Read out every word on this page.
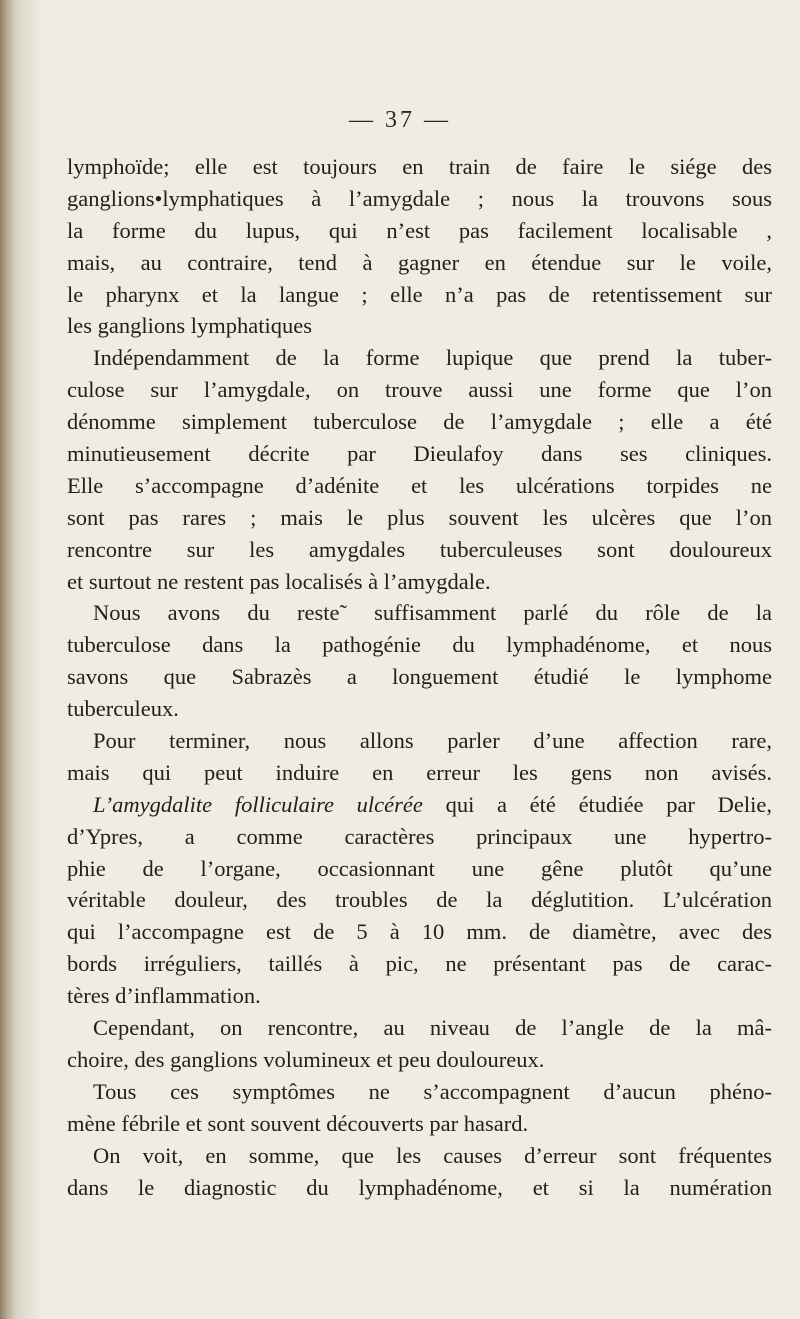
— 37 —
lymphoïde; elle est toujours en train de faire le siége des
ganglions•lymphatiques à l’amygdale ; nous la trouvons sous
la forme du lupus, qui n’est pas facilement localisable ,
mais, au contraire, tend à gagner en étendue sur le voile,
le pharynx et la langue ; elle n’a pas de retentissement sur
les ganglions lymphatiques
Indépendamment de la forme lupique que prend la tuber-
culose sur l’amygdale, on trouve aussi une forme que l’on
dénomme simplement tuberculose de l’amygdale ; elle a été
minutieusement décrite par Dieulafoy dans ses cliniques.
Elle s’accompagne d’adénite et les ulcérations torpides ne
sont pas rares ; mais le plus souvent les ulcères que l’on
rencontre sur les amygdales tuberculeuses sont douloureux
et surtout ne restent pas localisés à l’amygdale.
Nous avons du reste˜ suffisamment parlé du rôle de la
tuberculose dans la pathogénie du lymphadénome, et nous
savons que Sabrazès a longuement étudié le lymphome
tuberculeux.
Pour terminer, nous allons parler d’une affection rare,
mais qui peut induire en erreur les gens non avisés.
L’amygdalite folliculaire ulcérée qui a été étudiée par Delie,
d’Ypres, a comme caractères principaux une hypertro-
phie de l’organe, occasionnant une gêne plutôt qu’une
véritable douleur, des troubles de la déglutition. L’ulcération
qui l’accompagne est de 5 à 10 mm. de diamètre, avec des
bords irréguliers, taillés à pic, ne présentant pas de carac-
tères d’inflammation.
Cependant, on rencontre, au niveau de l’angle de la mâ-
choire, des ganglions volumineux et peu douloureux.
Tous ces symptômes ne s’accompagnent d’aucun phéno-
mène fébrile et sont souvent découverts par hasard.
On voit, en somme, que les causes d’erreur sont fréquentes
dans le diagnostic du lymphadénome, et si la numération
